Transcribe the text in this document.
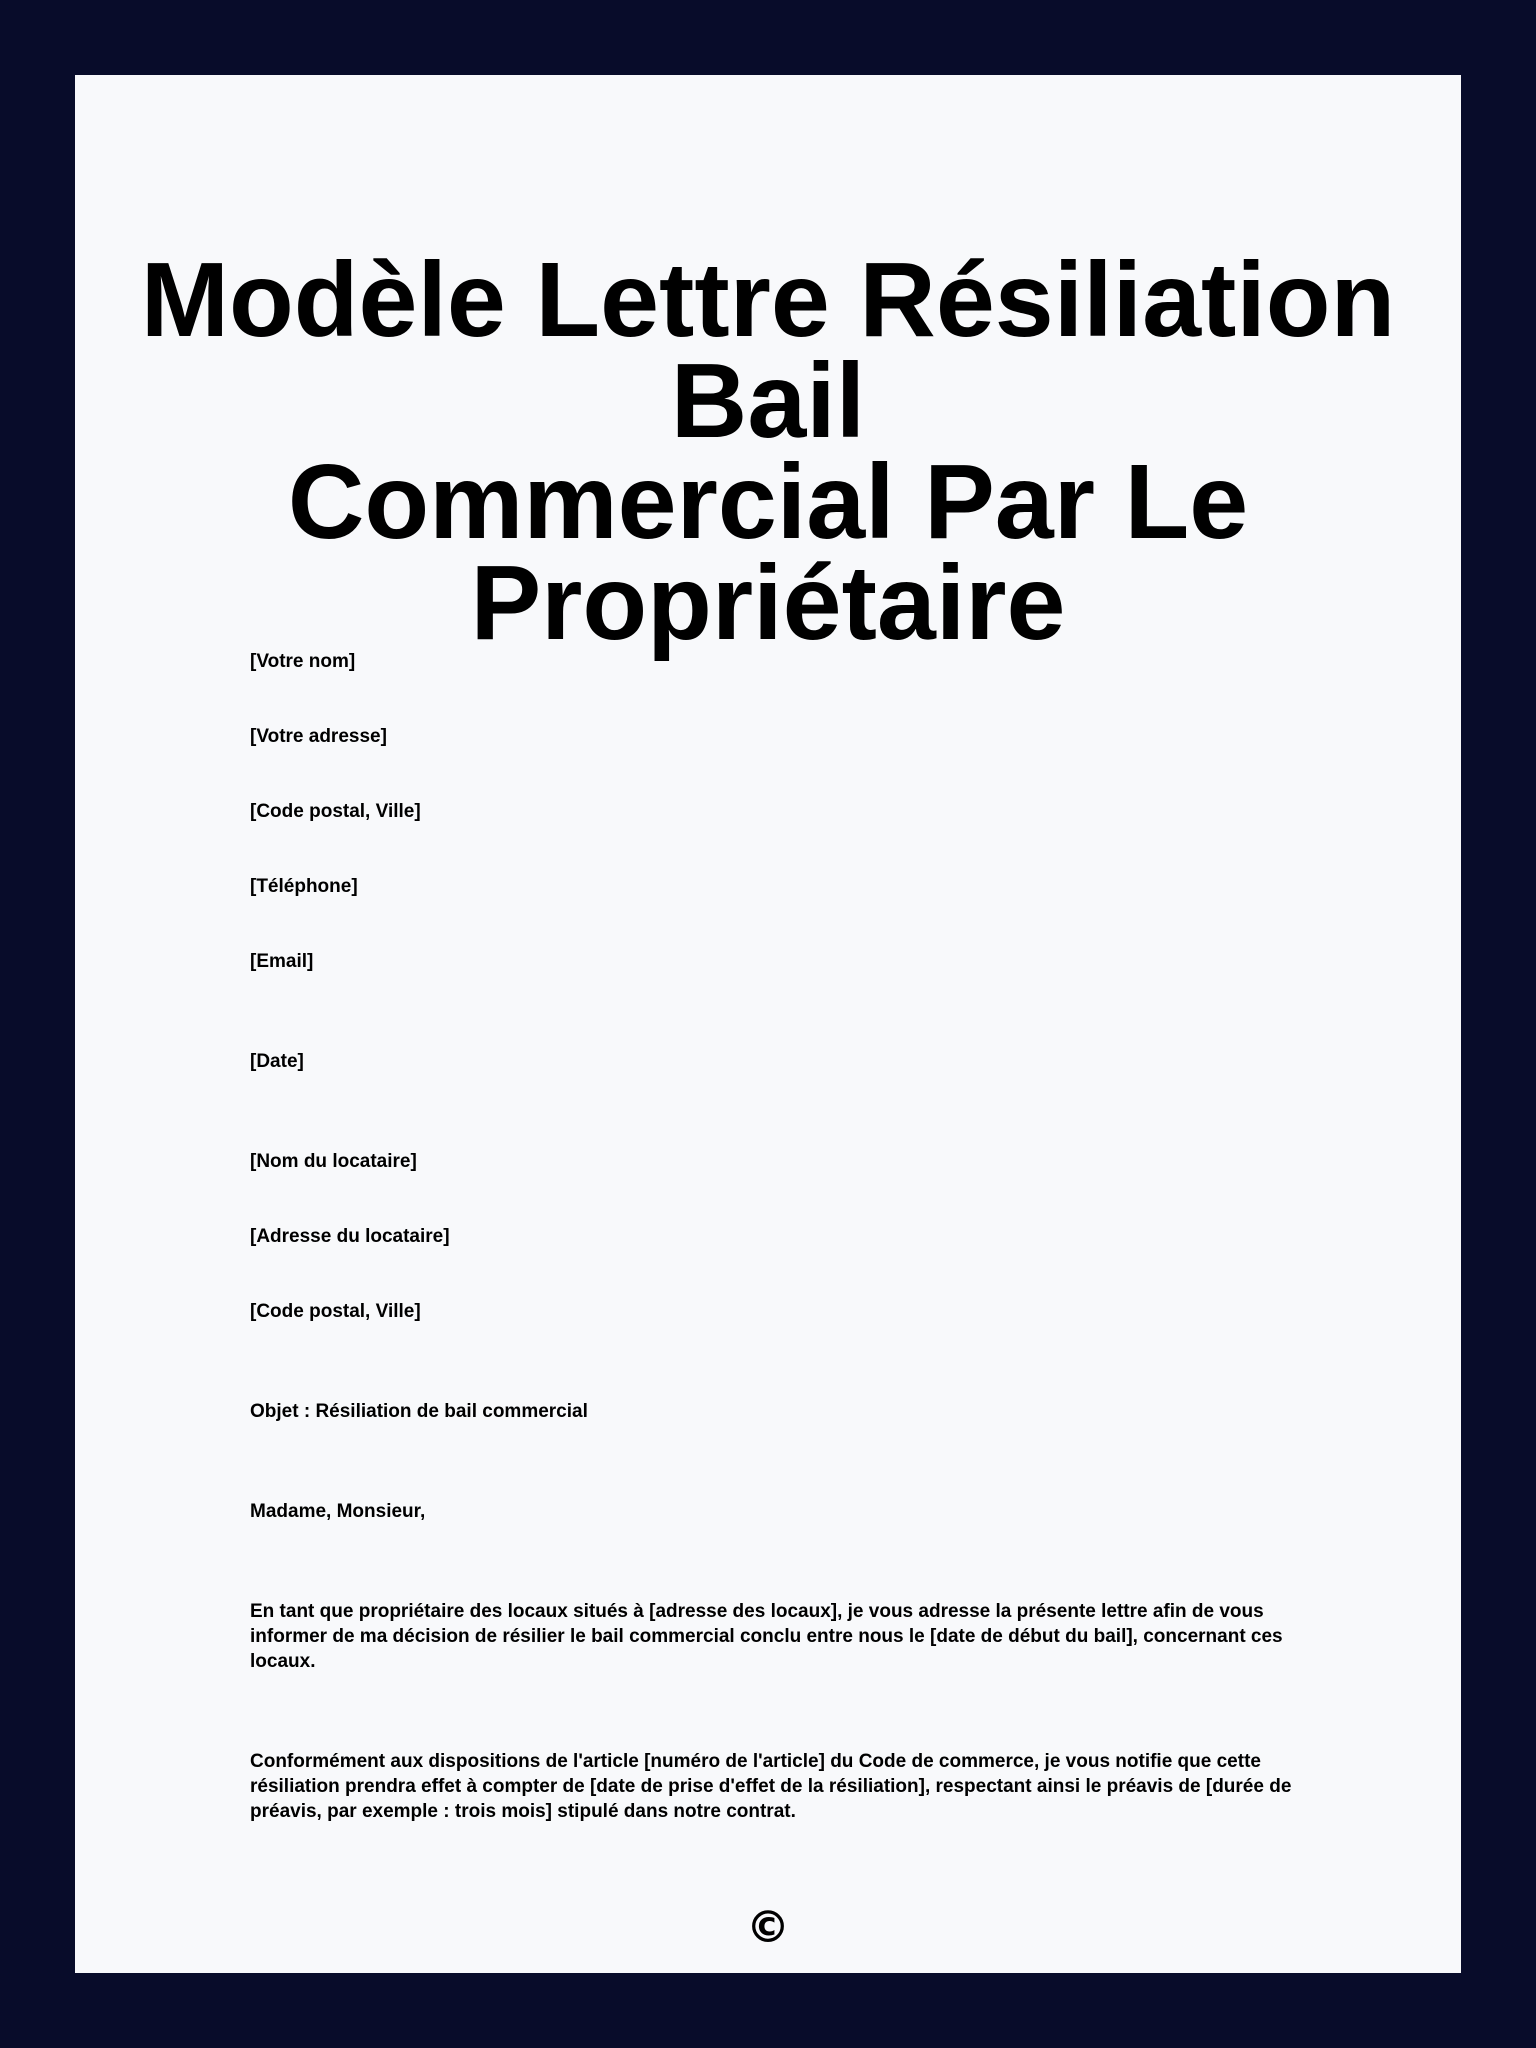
Modèle Lettre Résiliation Bail
Commercial Par Le
Propriétaire

[Votre nom]

[Votre adresse]

[Code postal, Ville]

[Téléphone]

[Email]

[Date]

[Nom du locataire]

[Adresse du locataire]

[Code postal, Ville]

Objet : Résiliation de bail commercial

Madame, Monsieur,

En tant que propriétaire des locaux situés à [adresse des locaux], je vous adresse la présente lettre afin de vous informer de ma décision de résilier le bail commercial conclu entre nous le [date de début du bail], concernant ces locaux.

Conformément aux dispositions de l'article [numéro de l'article] du Code de commerce, je vous notifie que cette résiliation prendra effet à compter de [date de prise d'effet de la résiliation], respectant ainsi le préavis de [durée de préavis, par exemple : trois mois] stipulé dans notre contrat.

©
